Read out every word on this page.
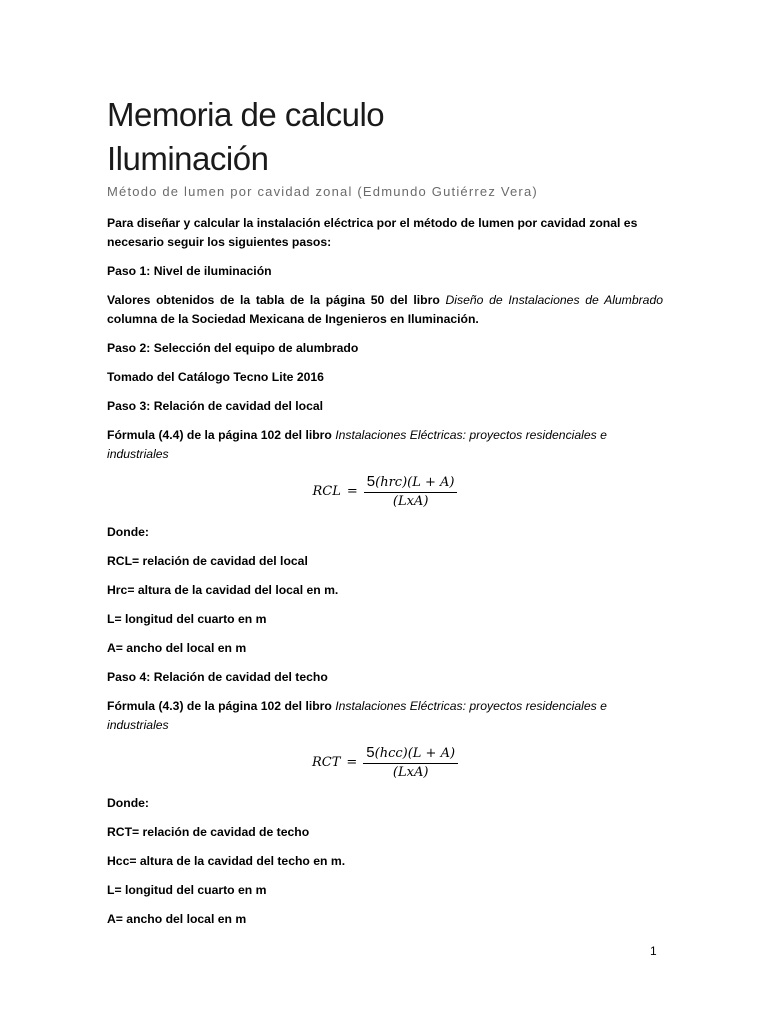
Memoria de calculo
Iluminación
Método de lumen por cavidad zonal (Edmundo Gutiérrez Vera)

Para diseñar y calcular la instalación eléctrica por el método de lumen por cavidad zonal es necesario seguir los siguientes pasos:

Paso 1: Nivel de iluminación

Valores obtenidos de la tabla de la página 50 del libro Diseño de Instalaciones de Alumbrado columna de la Sociedad Mexicana de Ingenieros en Iluminación.

Paso 2: Selección del equipo de alumbrado

Tomado del Catálogo Tecno Lite 2016

Paso 3: Relación de cavidad del local

Fórmula (4.4) de la página 102 del libro Instalaciones Eléctricas: proyectos residenciales e industriales

RCL = $\frac{\text{5(hrc)(L + A)}}{\text{(LxA)}}$

Donde:

RCL= relación de cavidad del local

Hrc= altura de la cavidad del local en m.

L= longitud del cuarto en m

A= ancho del local en m

Paso 4: Relación de cavidad del techo

Fórmula (4.3) de la página 102 del libro Instalaciones Eléctricas: proyectos residenciales e industriales

RCT = $\frac{\text{5(hcc)(L + A)}}{\text{(LxA)}}$

Donde:

RCT= relación de cavidad de techo

Hcc= altura de la cavidad del techo en m.

L= longitud del cuarto en m

A= ancho del local en m

1
